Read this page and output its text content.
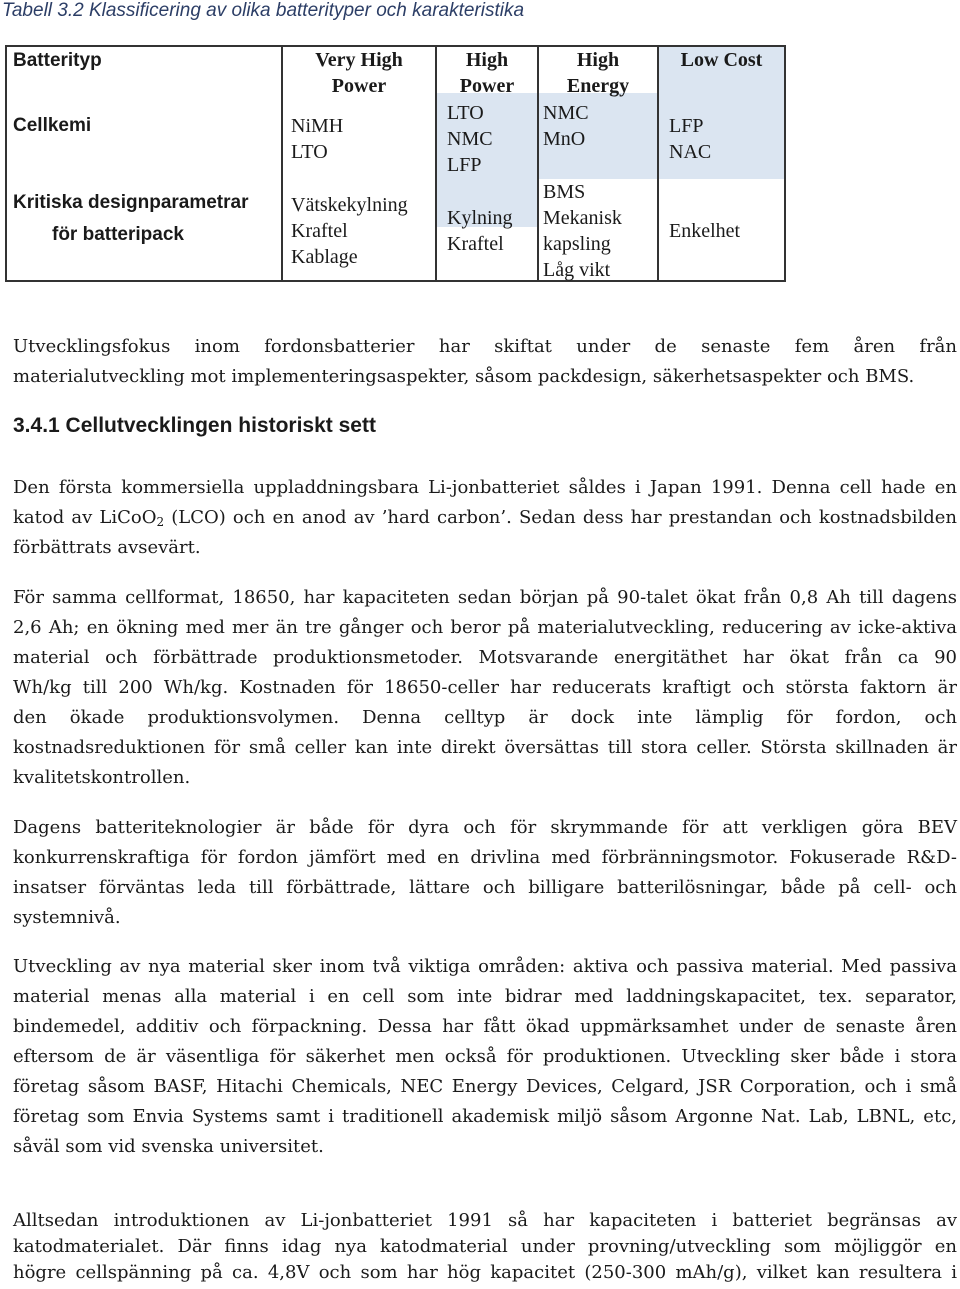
Tabell 3.2 Klassificering av olika batterityper och karakteristika
Batterityp
Cellkemi
Kritiska designparametrar
för batteripack
Very High
Power
NiMH
LTO
Vätskekylning
Kraftel
Kablage
High
Power
LTO
NMC
LFP
Kylning
Kraftel
High
Energy
NMC
MnO
BMS
Mekanisk
kapsling
Låg vikt
Low Cost
LFP
NAC
Enkelhet
Utvecklingsfokus inom fordonsbatterier har skiftat under de senaste fem åren från
materialutveckling mot implementeringsaspekter, såsom packdesign, säkerhetsaspekter och BMS.
3.4.1 Cellutvecklingen historiskt sett
Den första kommersiella uppladdningsbara Li-jonbatteriet såldes i Japan 1991. Denna cell hade en
katod av LiCoO$_2$ (LCO) och en anod av ’hard carbon’. Sedan dess har prestandan och kostnadsbilden
förbättrats avsevärt.
För samma cellformat, 18650, har kapaciteten sedan början på 90-talet ökat från 0,8 Ah till dagens
2,6 Ah; en ökning med mer än tre gånger och beror på materialutveckling, reducering av icke-aktiva
material och förbättrade produktionsmetoder. Motsvarande energitäthet har ökat från ca 90
Wh/kg till 200 Wh/kg. Kostnaden för 18650-celler har reducerats kraftigt och största faktorn är
den ökade produktionsvolymen. Denna celltyp är dock inte lämplig för fordon, och
kostnadsreduktionen för små celler kan inte direkt översättas till stora celler. Största skillnaden är
kvalitetskontrollen.
Dagens batteriteknologier är både för dyra och för skrymmande för att verkligen göra BEV
konkurrenskraftiga för fordon jämfört med en drivlina med förbränningsmotor. Fokuserade R&D-
insatser förväntas leda till förbättrade, lättare och billigare batterilösningar, både på cell- och
systemnivå.
Utveckling av nya material sker inom två viktiga områden: aktiva och passiva material. Med passiva
material menas alla material i en cell som inte bidrar med laddningskapacitet, tex. separator,
bindemedel, additiv och förpackning. Dessa har fått ökad uppmärksamhet under de senaste åren
eftersom de är väsentliga för säkerhet men också för produktionen. Utveckling sker både i stora
företag såsom BASF, Hitachi Chemicals, NEC Energy Devices, Celgard, JSR Corporation, och i små
företag som Envia Systems samt i traditionell akademisk miljö såsom Argonne Nat. Lab, LBNL, etc,
såväl som vid svenska universitet.
Alltsedan introduktionen av Li-jonbatteriet 1991 så har kapaciteten i batteriet begränsas av
katodmaterialet. Där finns idag nya katodmaterial under provning/utveckling som möjliggör en
högre cellspänning på ca. 4,8V och som har hög kapacitet (250-300 mAh/g), vilket kan resultera i
